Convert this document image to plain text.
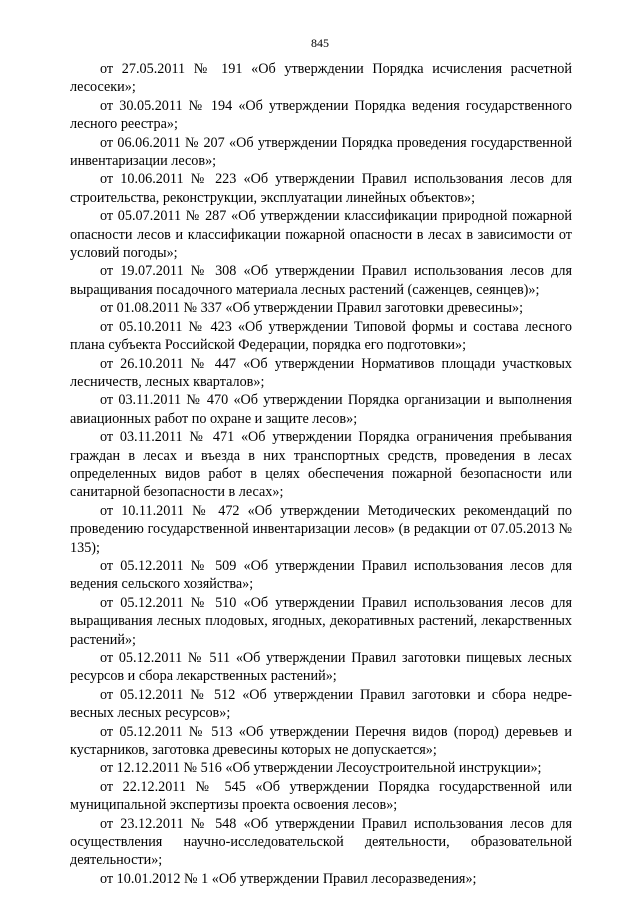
845

от 27.05.2011 № 191 «Об утверждении Порядка исчисления расчетной лесосеки»;

от 30.05.2011 № 194 «Об утверждении Порядка ведения государственного лесного реестра»;

от 06.06.2011 № 207 «Об утверждении Порядка проведения государственной инвентаризации лесов»;

от 10.06.2011 № 223 «Об утверждении Правил использования лесов для строительства, реконструкции, эксплуатации линейных объектов»;

от 05.07.2011 № 287 «Об утверждении классификации природной пожарной опасности лесов и классификации пожарной опасности в лесах в зависимости от условий погоды»;

от 19.07.2011 № 308 «Об утверждении Правил использования лесов для выращивания посадочного материала лесных растений (саженцев, сеянцев)»;

от 01.08.2011 № 337 «Об утверждении Правил заготовки древесины»;

от 05.10.2011 № 423 «Об утверждении Типовой формы и состава лесного плана субъекта Российской Федерации, порядка его подготовки»;

от 26.10.2011 № 447 «Об утверждении Нормативов площади участковых лесничеств, лесных кварталов»;

от 03.11.2011 № 470 «Об утверждении Порядка организации и выполнения авиационных работ по охране и защите лесов»;

от 03.11.2011 № 471 «Об утверждении Порядка ограничения пребывания граждан в лесах и въезда в них транспортных средств, проведения в лесах определенных видов работ в целях обеспечения пожарной безопасности или санитарной безопасности в лесах»;

от 10.11.2011 № 472 «Об утверждении Методических рекомендаций по проведению государственной инвентаризации лесов» (в редакции от 07.05.2013 № 135);

от 05.12.2011 № 509 «Об утверждении Правил использования лесов для ведения сельского хозяйства»;

от 05.12.2011 № 510 «Об утверждении Правил использования лесов для выращивания лесных плодовых, ягодных, декоративных растений, лекарственных растений»;

от 05.12.2011 № 511 «Об утверждении Правил заготовки пищевых лесных ресурсов и сбора лекарственных растений»;

от 05.12.2011 № 512 «Об утверждении Правил заготовки и сбора недревесных лесных ресурсов»;

от 05.12.2011 № 513 «Об утверждении Перечня видов (пород) деревьев и кустарников, заготовка древесины которых не допускается»;

от 12.12.2011 № 516 «Об утверждении Лесоустроительной инструкции»;

от 22.12.2011 № 545 «Об утверждении Порядка государственной или муниципальной экспертизы проекта освоения лесов»;

от 23.12.2011 № 548 «Об утверждении Правил использования лесов для осуществления научно-исследовательской деятельности, образовательной деятельности»;

от 10.01.2012 № 1 «Об утверждении Правил лесоразведения»;
